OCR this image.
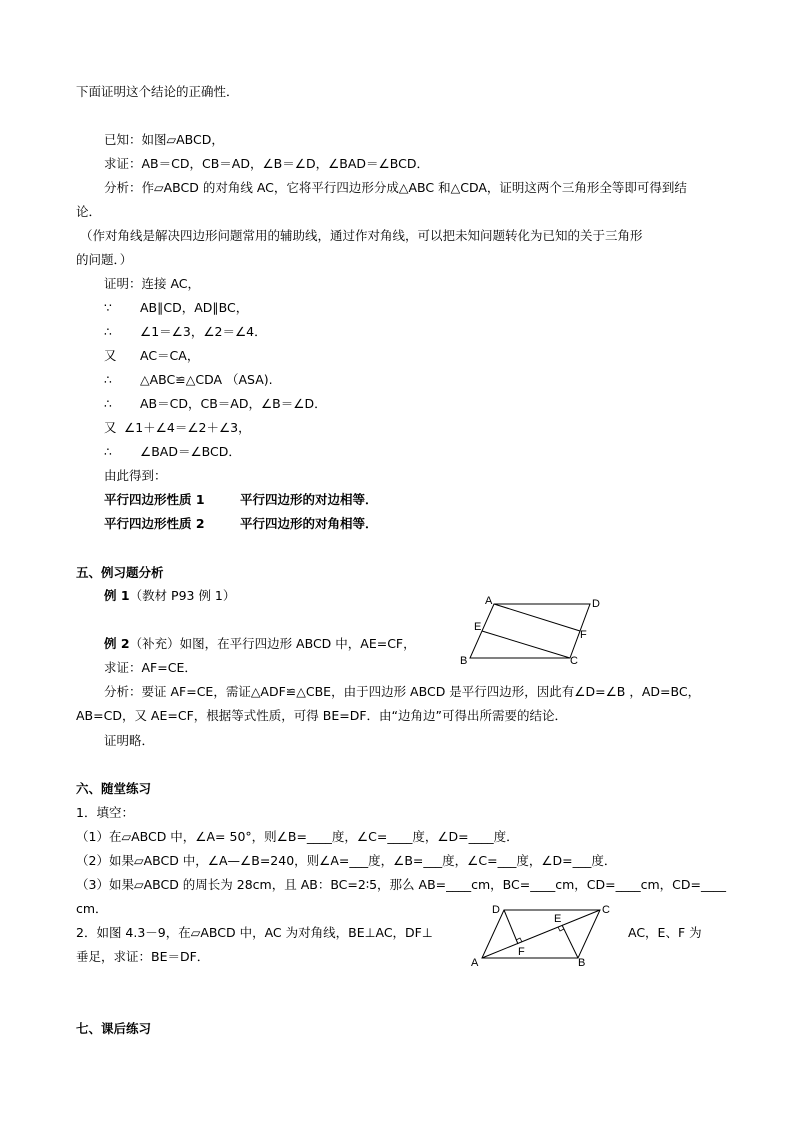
下面证明这个结论的正确性．
已知：如图▱ABCD，
求证：AB＝CD，CB＝AD，∠B＝∠D，∠BAD＝∠BCD．
分析：作▱ABCD 的对角线 AC，它将平行四边形分成△ABC 和△CDA，证明这两个三角形全等即可得到结
论．
（作对角线是解决四边形问题常用的辅助线，通过作对角线，可以把未知问题转化为已知的关于三角形
的问题．）
证明：连接 AC，
∵ AB∥CD，AD∥BC，
∴ ∠1＝∠3，∠2＝∠4．
又 AC＝CA，
∴ △ABC≌△CDA （ASA).
∴ AB＝CD，CB＝AD，∠B＝∠D．
又 ∠1＋∠4＝∠2＋∠3，
∴ ∠BAD＝∠BCD．
由此得到：
平行四边形性质 1	平行四边形的对边相等．
平行四边形性质 2	平行四边形的对角相等．
五、例习题分析
例 1（教材 P93 例 1）
例 2（补充）如图，在平行四边形 ABCD 中，AE=CF，
求证：AF=CE．
分析：要证 AF=CE，需证△ADF≌△CBE，由于四边形 ABCD 是平行四边形，因此有∠D=∠B ，AD=BC，
AB=CD，又 AE=CF，根据等式性质，可得 BE=DF．由“边角边”可得出所需要的结论．
证明略．
A	D
E
F
B	C
六、随堂练习
1．填空：
（1）在▱ABCD 中，∠A= 50°，则∠B=____度，∠C=____度，∠D=____度．
（2）如果▱ABCD 中，∠A—∠B=240，则∠A=___度，∠B=___度，∠C=___度，∠D=___度．
（3）如果▱ABCD 的周长为 28cm，且 AB：BC=2∶5，那么 AB=____cm，BC=____cm，CD=____cm，CD=____
cm．
2．如图 4.3－9，在▱ABCD 中，AC 为对角线，BE⊥AC，DF⊥	AC，E、F 为
垂足，求证：BE＝DF．
D	C
E
F
A	B
七、课后练习
